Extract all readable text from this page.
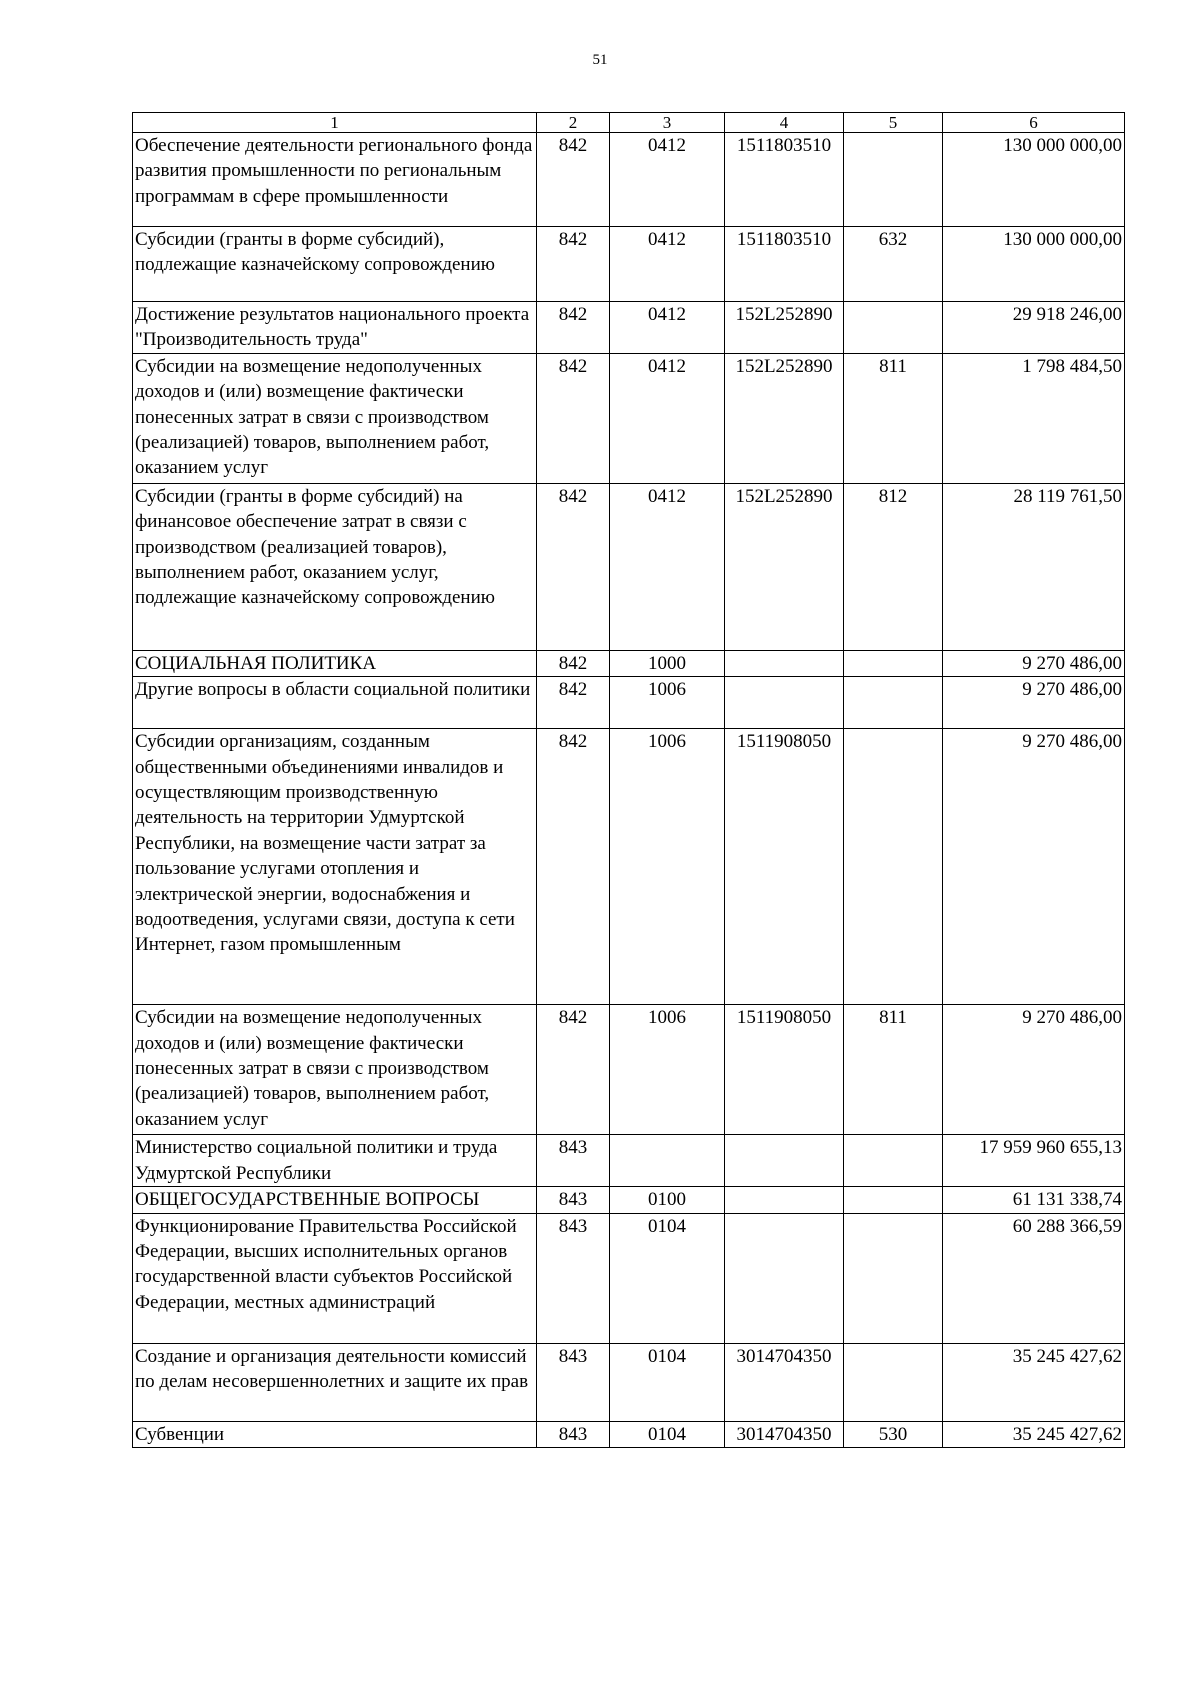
51
1	2	3	4	5	6
Обеспечение деятельности регионального фонда развития промышленности по региональным программам в сфере промышленности	842	0412	1511803510		130 000 000,00
Субсидии (гранты в форме субсидий), подлежащие казначейскому сопровождению	842	0412	1511803510	632	130 000 000,00
Достижение результатов национального проекта "Производительность труда"	842	0412	152L252890		29 918 246,00
Субсидии на возмещение недополученных доходов и (или) возмещение фактически понесенных затрат в связи с производством (реализацией) товаров, выполнением работ, оказанием услуг	842	0412	152L252890	811	1 798 484,50
Субсидии (гранты в форме субсидий) на финансовое обеспечение затрат в связи с производством (реализацией товаров), выполнением работ, оказанием услуг, подлежащие казначейскому сопровождению	842	0412	152L252890	812	28 119 761,50
СОЦИАЛЬНАЯ ПОЛИТИКА	842	1000			9 270 486,00
Другие вопросы в области социальной политики	842	1006			9 270 486,00
Субсидии организациям, созданным общественными объединениями инвалидов и осуществляющим производственную деятельность на территории Удмуртской Республики, на возмещение части затрат за пользование услугами отопления и электрической энергии, водоснабжения и водоотведения, услугами связи, доступа к сети Интернет, газом промышленным	842	1006	1511908050		9 270 486,00
Субсидии на возмещение недополученных доходов и (или) возмещение фактически понесенных затрат в связи с производством (реализацией) товаров, выполнением работ, оказанием услуг	842	1006	1511908050	811	9 270 486,00
Министерство социальной политики и труда Удмуртской Республики	843				17 959 960 655,13
ОБЩЕГОСУДАРСТВЕННЫЕ ВОПРОСЫ	843	0100			61 131 338,74
Функционирование Правительства Российской Федерации, высших исполнительных органов государственной власти субъектов Российской Федерации, местных администраций	843	0104			60 288 366,59
Создание и организация деятельности комиссий по делам несовершеннолетних и защите их прав	843	0104	3014704350		35 245 427,62
Субвенции	843	0104	3014704350	530	35 245 427,62
